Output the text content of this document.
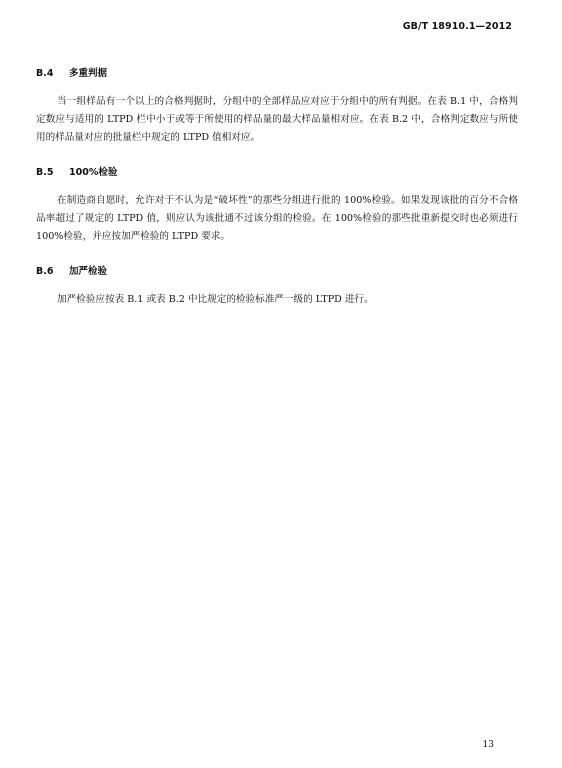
GB/T 18910.1—2012
B.4 多重判据

当一组样品有一个以上的合格判据时，分组中的全部样品应对应于分组中的所有判据。在表 B.1 中，合格判定数应与适用的 LTPD 栏中小于或等于所使用的样品量的最大样品量相对应。在表 B.2 中，合格判定数应与所使用的样品量对应的批量栏中规定的 LTPD 值相对应。

B.5 100%检验

在制造商自愿时，允许对于不认为是“破坏性”的那些分组进行批的 100%检验。如果发现该批的百分不合格品率超过了规定的 LTPD 值，则应认为该批通不过该分组的检验。在 100%检验的那些批重新提交时也必须进行 100%检验，并应按加严检验的 LTPD 要求。

B.6 加严检验

加严检验应按表 B.1 或表 B.2 中比规定的检验标准严一级的 LTPD 进行。

13
